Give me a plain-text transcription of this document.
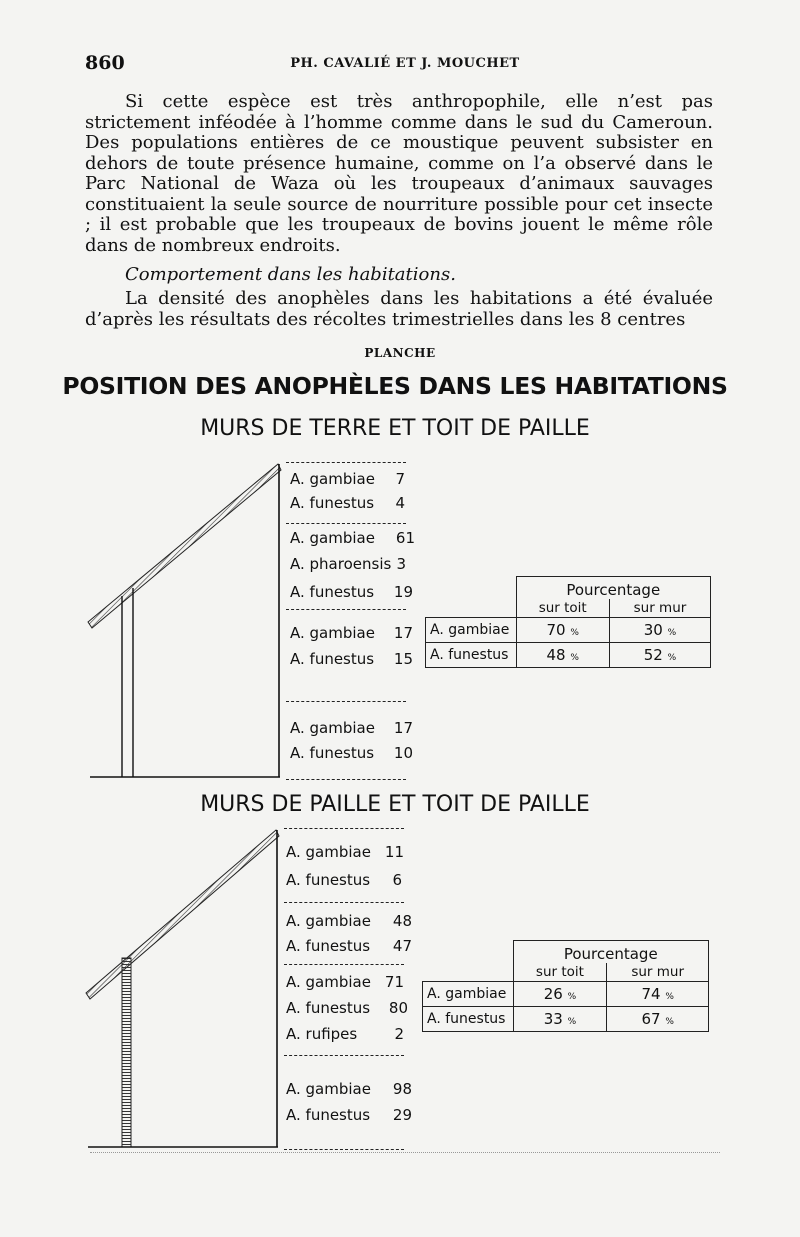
860	PH. CAVALIÉ ET J. MOUCHET

Si cette espèce est très anthropophile, elle n’est pas strictement inféodée à l’homme comme dans le sud du Cameroun. Des populations entières de ce moustique peuvent subsister en dehors de toute présence humaine, comme on l’a observé dans le Parc National de Waza où les troupeaux d’animaux sauvages constituaient la seule source de nourriture possible pour cet insecte ; il est probable que les troupeaux de bovins jouent le même rôle dans de nombreux endroits.

Comportement dans les habitations.

La densité des anophèles dans les habitations a été évaluée d’après les résultats des récoltes trimestrielles dans les 8 centres

PLANCHE
POSITION DES ANOPHÈLES DANS LES HABITATIONS
MURS DE TERRE ET TOIT DE PAILLE
MURS DE PAILLE ET TOIT DE PAILLE
A. gambiae 7
A. funestus 4
A. gambiae 61
A. pharoensis 3
A. funestus 19
A. gambiae 17
A. funestus 15
A. gambiae 17
A. funestus 10
	Pourcentage	
	sur toit	sur mur
A. gambiae	70 %	30 %
A. funestus	48 %	52 %
A. gambiae 11
A. funestus 6
A. gambiae 48
A. funestus 47
A. gambiae 71
A. funestus 80
A. rufipes 2
A. gambiae 98
A. funestus 29
	Pourcentage	
	sur toit	sur mur
A. gambiae	26 %	74 %
A. funestus	33 %	67 %
